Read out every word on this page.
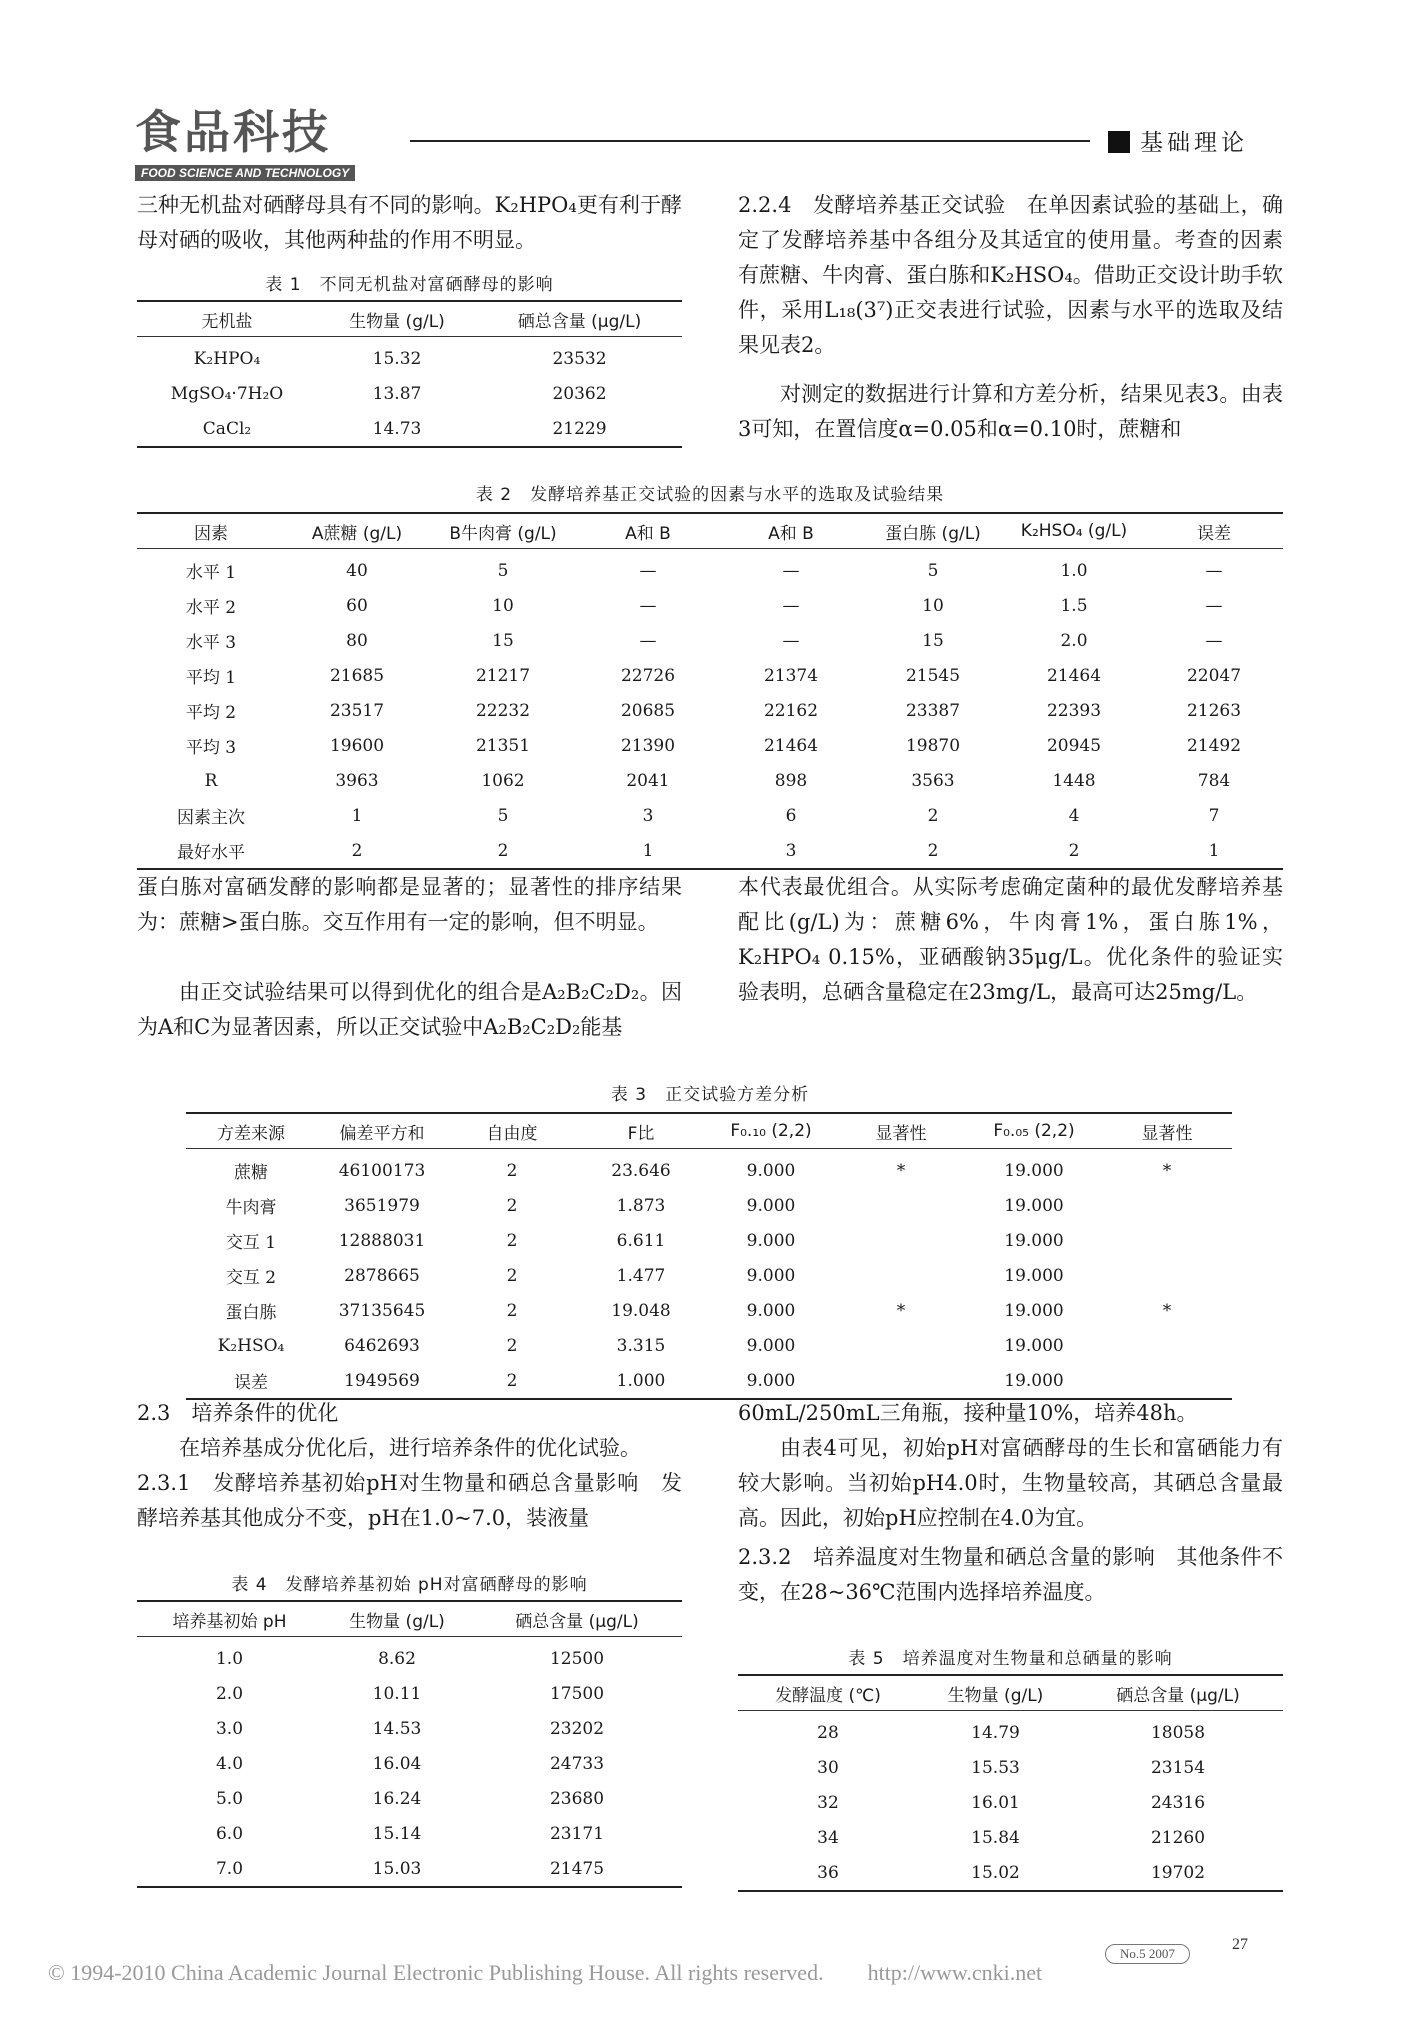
食品科技
FOOD SCIENCE AND TECHNOLOGY
基础理论

三种无机盐对硒酵母具有不同的影响。K₂HPO₄更有利于酵母对硒的吸收，其他两种盐的作用不明显。

表 1　不同无机盐对富硒酵母的影响
无机盐	生物量 (g/L)	硒总含量 (μg/L)
K₂HPO₄	15.32	23532
MgSO₄·7H₂O	13.87	20362
CaCl₂	14.73	21229

2.2.4　发酵培养基正交试验　在单因素试验的基础上，确定了发酵培养基中各组分及其适宜的使用量。考查的因素有蔗糖、牛肉膏、蛋白胨和K₂HSO₄。借助正交设计助手软件，采用L₁₈(3⁷)正交表进行试验，因素与水平的选取及结果见表2。

对测定的数据进行计算和方差分析，结果见表3。由表3可知，在置信度α=0.05和α=0.10时，蔗糖和

表 2　发酵培养基正交试验的因素与水平的选取及试验结果
因素	A蔗糖 (g/L)	B牛肉膏 (g/L)	A和 B	A和 B	蛋白胨 (g/L)	K₂HSO₄ (g/L)	误差
水平 1	40	5	—	—	5	1.0	—
水平 2	60	10	—	—	10	1.5	—
水平 3	80	15	—	—	15	2.0	—
平均 1	21685	21217	22726	21374	21545	21464	22047
平均 2	23517	22232	20685	22162	23387	22393	21263
平均 3	19600	21351	21390	21464	19870	20945	21492
R	3963	1062	2041	898	3563	1448	784
因素主次	1	5	3	6	2	4	7
最好水平	2	2	1	3	2	2	1

蛋白胨对富硒发酵的影响都是显著的；显著性的排序结果为：蔗糖>蛋白胨。交互作用有一定的影响，但不明显。

由正交试验结果可以得到优化的组合是A₂B₂C₂D₂。因为A和C为显著因素，所以正交试验中A₂B₂C₂D₂能基

本代表最优组合。从实际考虑确定菌种的最优发酵培养基配比(g/L)为：蔗糖6%，牛肉膏1%，蛋白胨1%，K₂HPO₄ 0.15%，亚硒酸钠35μg/L。优化条件的验证实验表明，总硒含量稳定在23mg/L，最高可达25mg/L。

表 3　正交试验方差分析
方差来源	偏差平方和	自由度	F比	F₀.₁₀ (2,2)	显著性	F₀.₀₅ (2,2)	显著性
蔗糖	46100173	2	23.646	9.000	*	19.000	*
牛肉膏	3651979	2	1.873	9.000		19.000	
交互 1	12888031	2	6.611	9.000		19.000	
交互 2	2878665	2	1.477	9.000		19.000	
蛋白胨	37135645	2	19.048	9.000	*	19.000	*
K₂HSO₄	6462693	2	3.315	9.000		19.000	
误差	1949569	2	1.000	9.000		19.000	
2.3　培养条件的优化

在培养基成分优化后，进行培养条件的优化试验。

2.3.1　发酵培养基初始pH对生物量和硒总含量影响　发酵培养基其他成分不变，pH在1.0~7.0，装液量

60mL/250mL三角瓶，接种量10%，培养48h。

由表4可见，初始pH对富硒酵母的生长和富硒能力有较大影响。当初始pH4.0时，生物量较高，其硒总含量最高。因此，初始pH应控制在4.0为宜。

2.3.2　培养温度对生物量和硒总含量的影响　其他条件不变，在28~36℃范围内选择培养温度。

表 4　发酵培养基初始 pH对富硒酵母的影响
培养基初始 pH	生物量 (g/L)	硒总含量 (μg/L)
1.0	8.62	12500
2.0	10.11	17500
3.0	14.53	23202
4.0	16.04	24733
5.0	16.24	23680
6.0	15.14	23171
7.0	15.03	21475
表 5　培养温度对生物量和总硒量的影响
发酵温度 (℃)	生物量 (g/L)	硒总含量 (μg/L)
28	14.79	18058
30	15.53	23154
32	16.01	24316
34	15.84	21260
36	15.02	19702
© 1994-2010 China Academic Journal Electronic Publishing House. All rights reserved.　　http://www.cnki.net
No.5 2007
27
